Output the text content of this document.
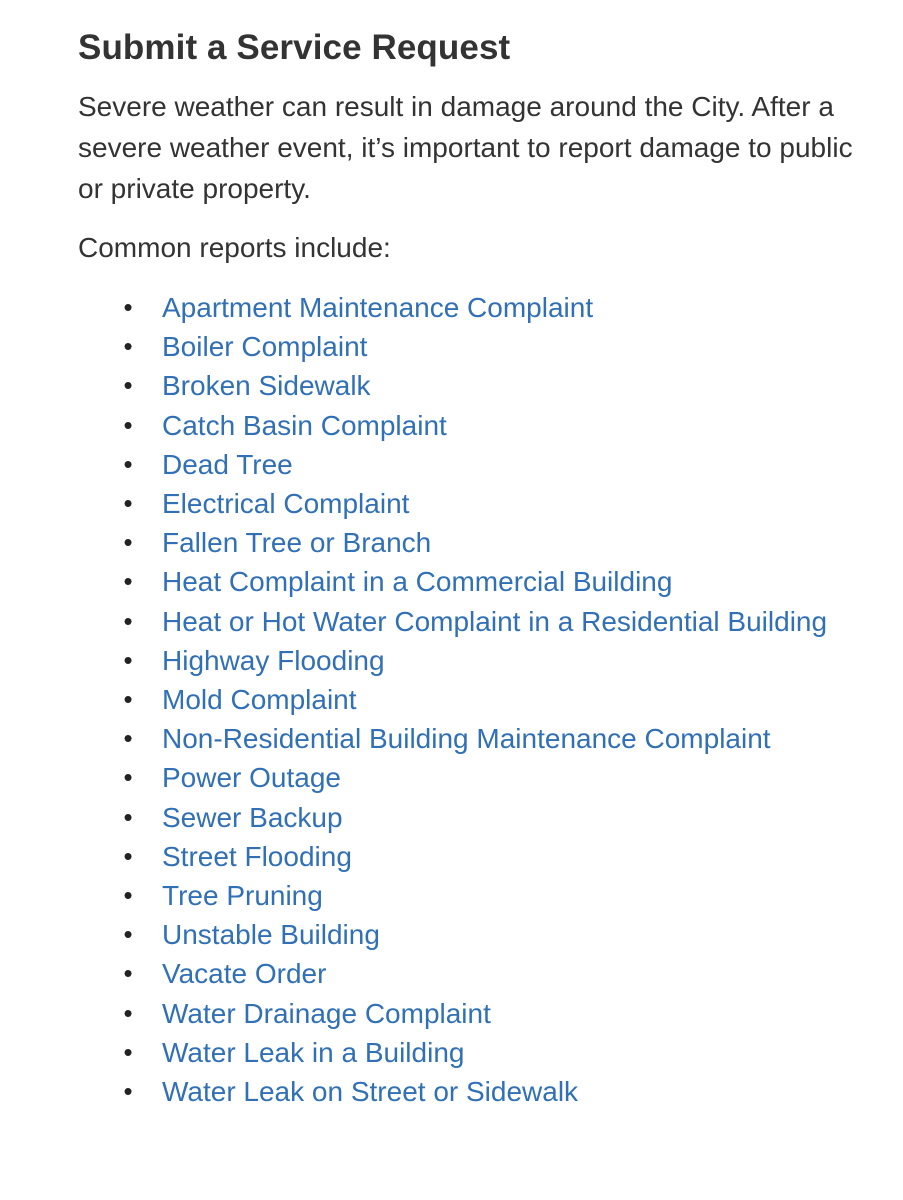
Submit a Service Request

Severe weather can result in damage around the City. After a severe weather event, it’s important to report damage to public or private property.

Common reports include:

• Apartment Maintenance Complaint
• Boiler Complaint
• Broken Sidewalk
• Catch Basin Complaint
• Dead Tree
• Electrical Complaint
• Fallen Tree or Branch
• Heat Complaint in a Commercial Building
• Heat or Hot Water Complaint in a Residential Building
• Highway Flooding
• Mold Complaint
• Non-Residential Building Maintenance Complaint
• Power Outage
• Sewer Backup
• Street Flooding
• Tree Pruning
• Unstable Building
• Vacate Order
• Water Drainage Complaint
• Water Leak in a Building
• Water Leak on Street or Sidewalk
